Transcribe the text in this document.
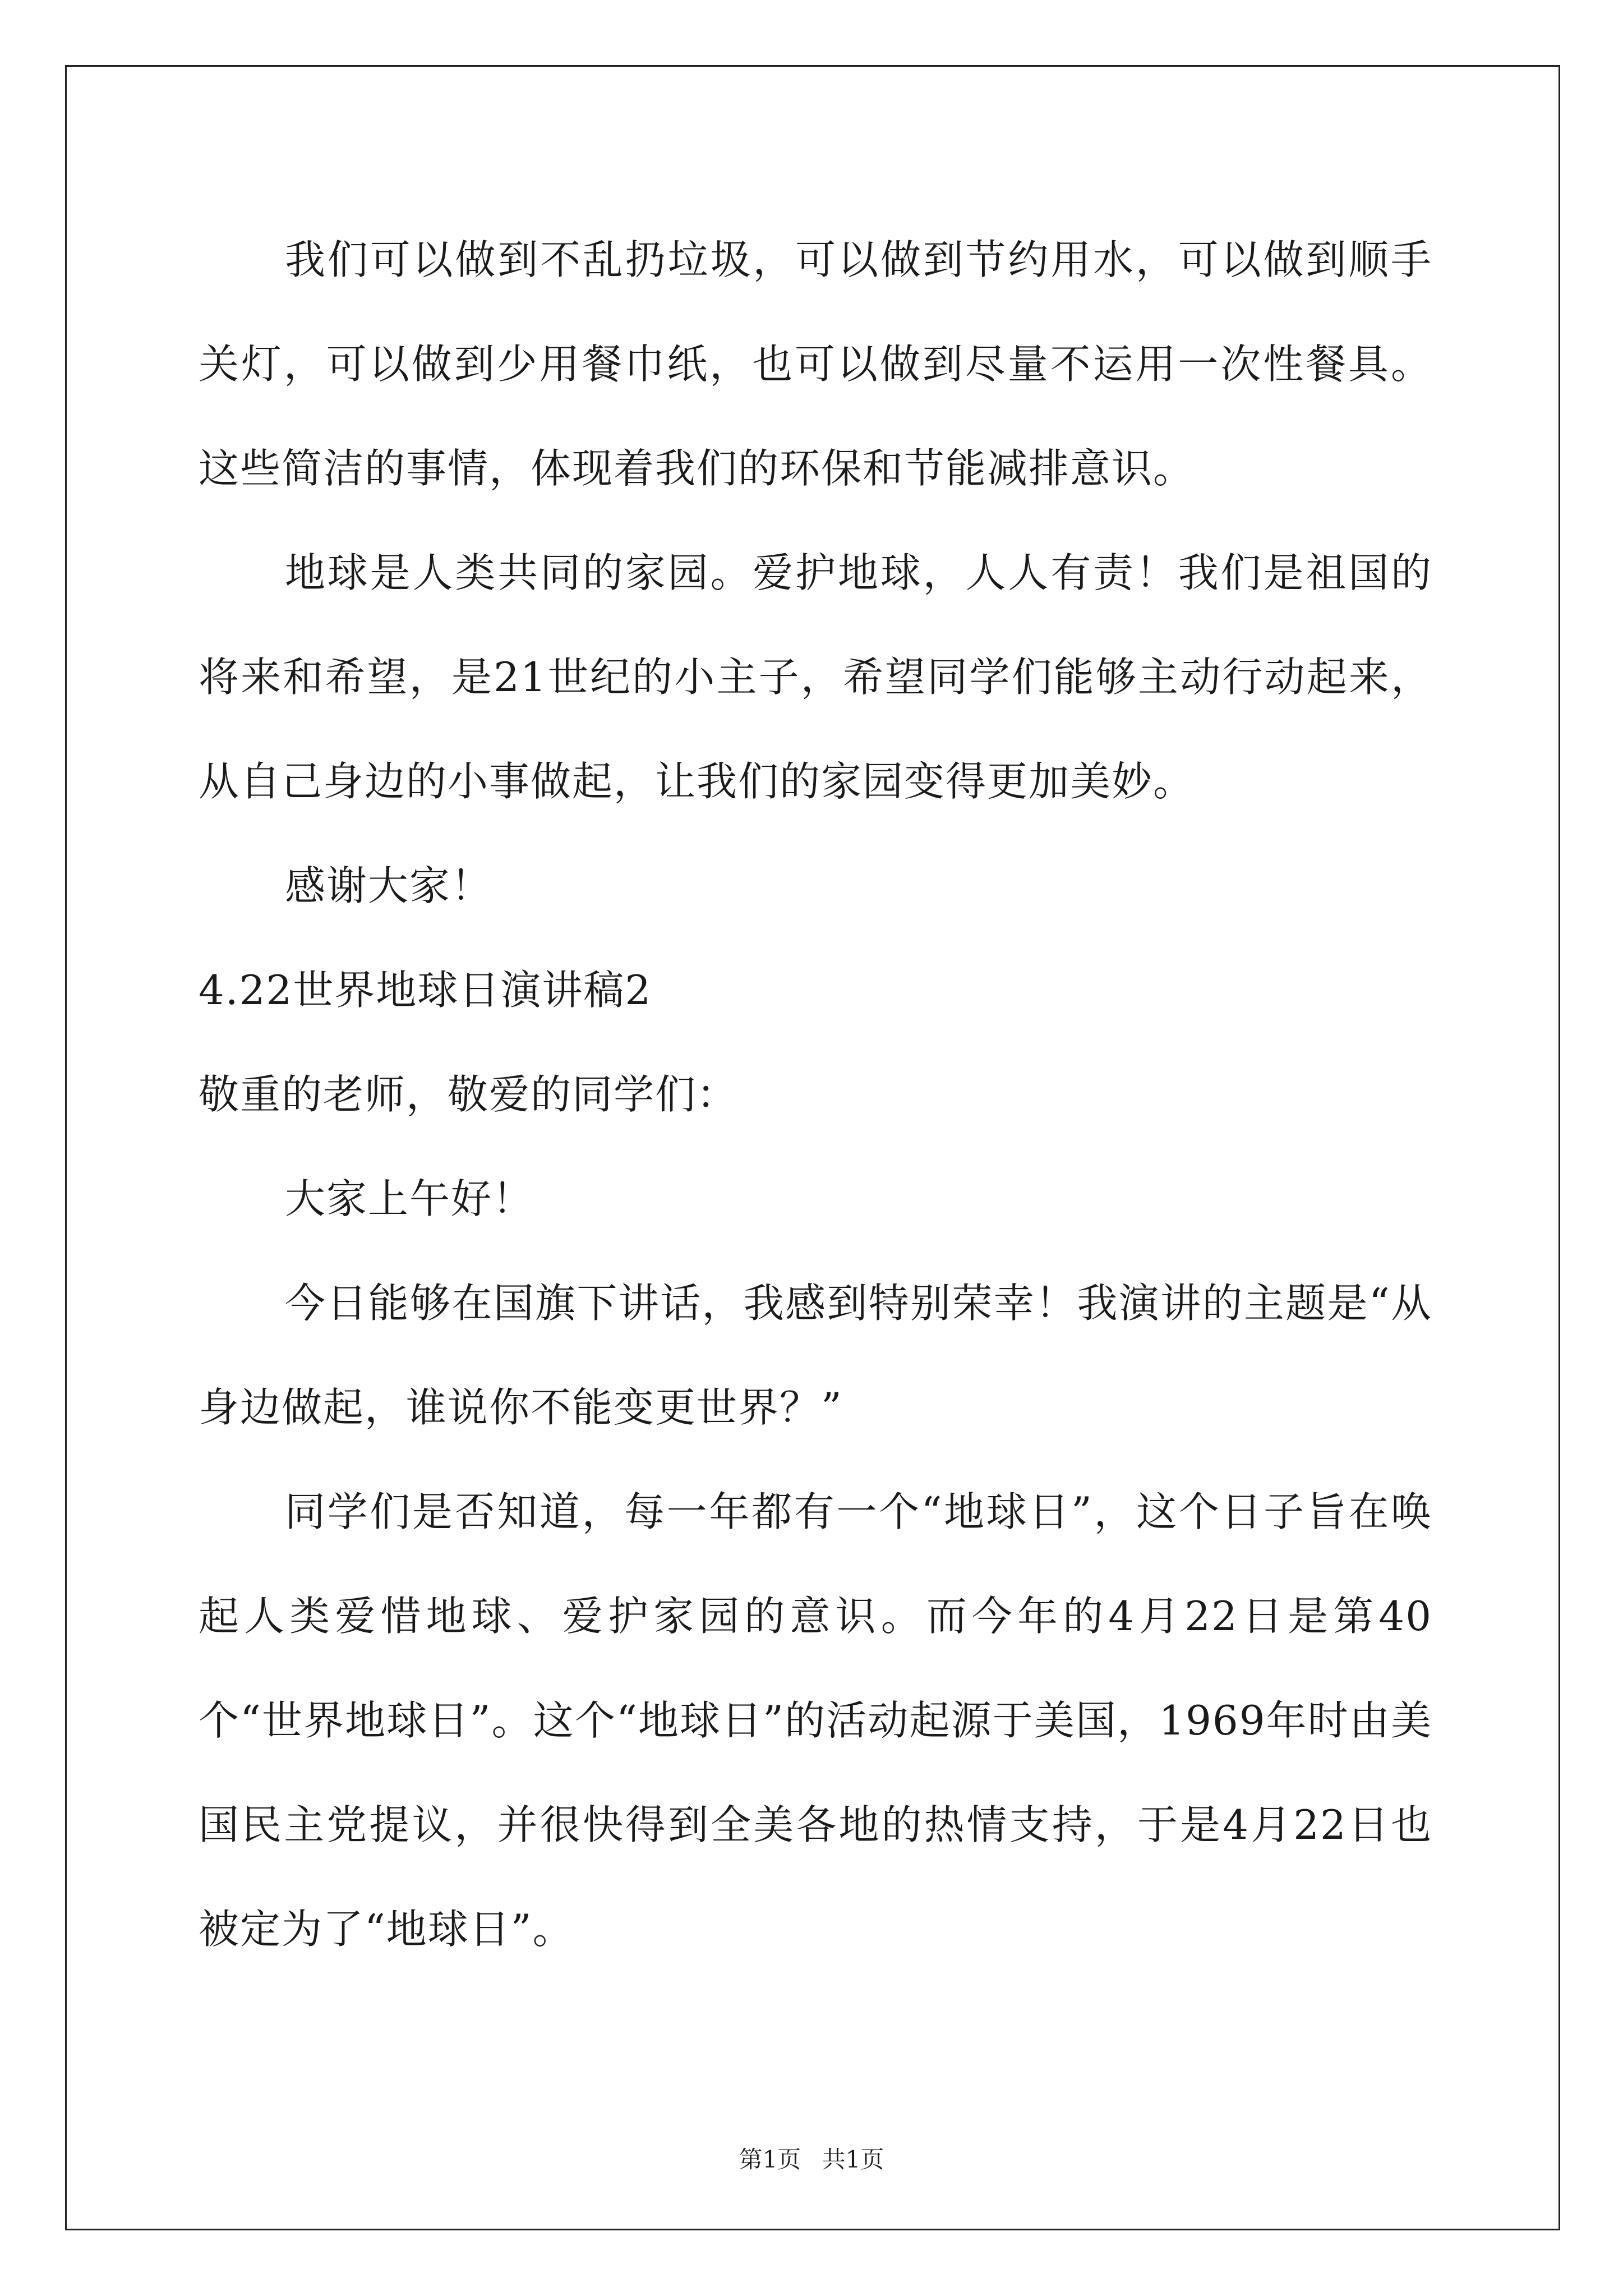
我们可以做到不乱扔垃圾，可以做到节约用水，可以做到顺手关灯，可以做到少用餐巾纸，也可以做到尽量不运用一次性餐具。这些简洁的事情，体现着我们的环保和节能减排意识。

地球是人类共同的家园。爱护地球，人人有责！我们是祖国的将来和希望，是21世纪的小主子，希望同学们能够主动行动起来，从自己身边的小事做起，让我们的家园变得更加美妙。

感谢大家！

4.22世界地球日演讲稿2

敬重的老师，敬爱的同学们：

大家上午好！

今日能够在国旗下讲话，我感到特别荣幸！我演讲的主题是“从身边做起，谁说你不能变更世界？”

同学们是否知道，每一年都有一个“地球日”，这个日子旨在唤起人类爱惜地球、爱护家园的意识。而今年的4月22日是第40个“世界地球日”。这个“地球日”的活动起源于美国，1969年时由美国民主党提议，并很快得到全美各地的热情支持，于是4月22日也被定为了“地球日”。

第1页 共1页
